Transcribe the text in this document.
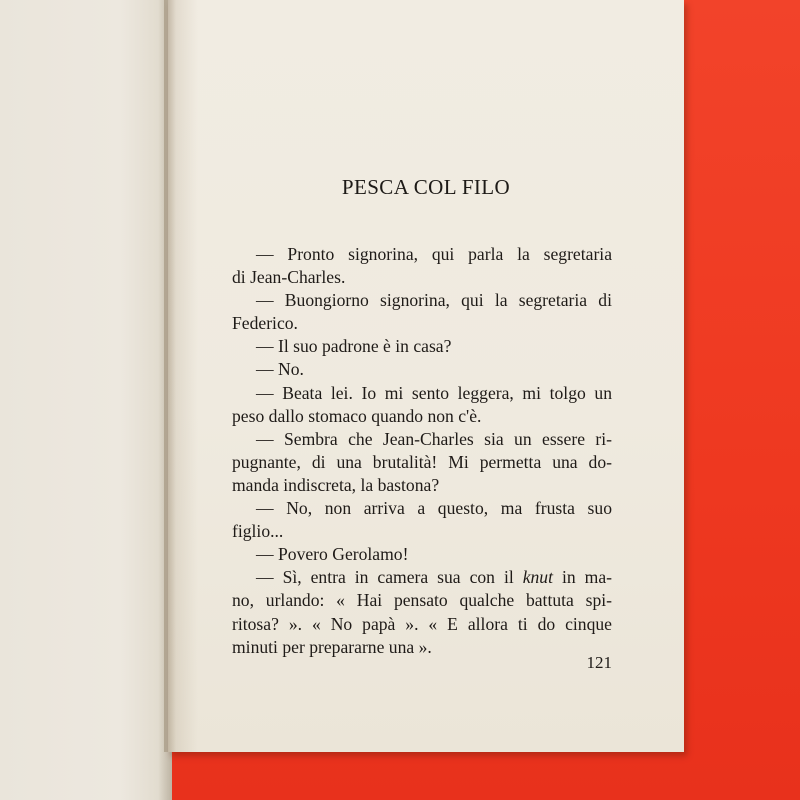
PESCA COL FILO
— Pronto signorina, qui parla la segretaria
di Jean-Charles.
— Buongiorno signorina, qui la segretaria di
Federico.
— Il suo padrone è in casa?
— No.
— Beata lei. Io mi sento leggera, mi tolgo un
peso dallo stomaco quando non c'è.
— Sembra che Jean-Charles sia un essere ri-
pugnante, di una brutalità! Mi permetta una do-
manda indiscreta, la bastona?
— No, non arriva a questo, ma frusta suo
figlio...
— Povero Gerolamo!
— Sì, entra in camera sua con il knut in ma-
no, urlando: « Hai pensato qualche battuta spi-
ritosa? ». « No papà ». « E allora ti do cinque
minuti per prepararne una ».
121
